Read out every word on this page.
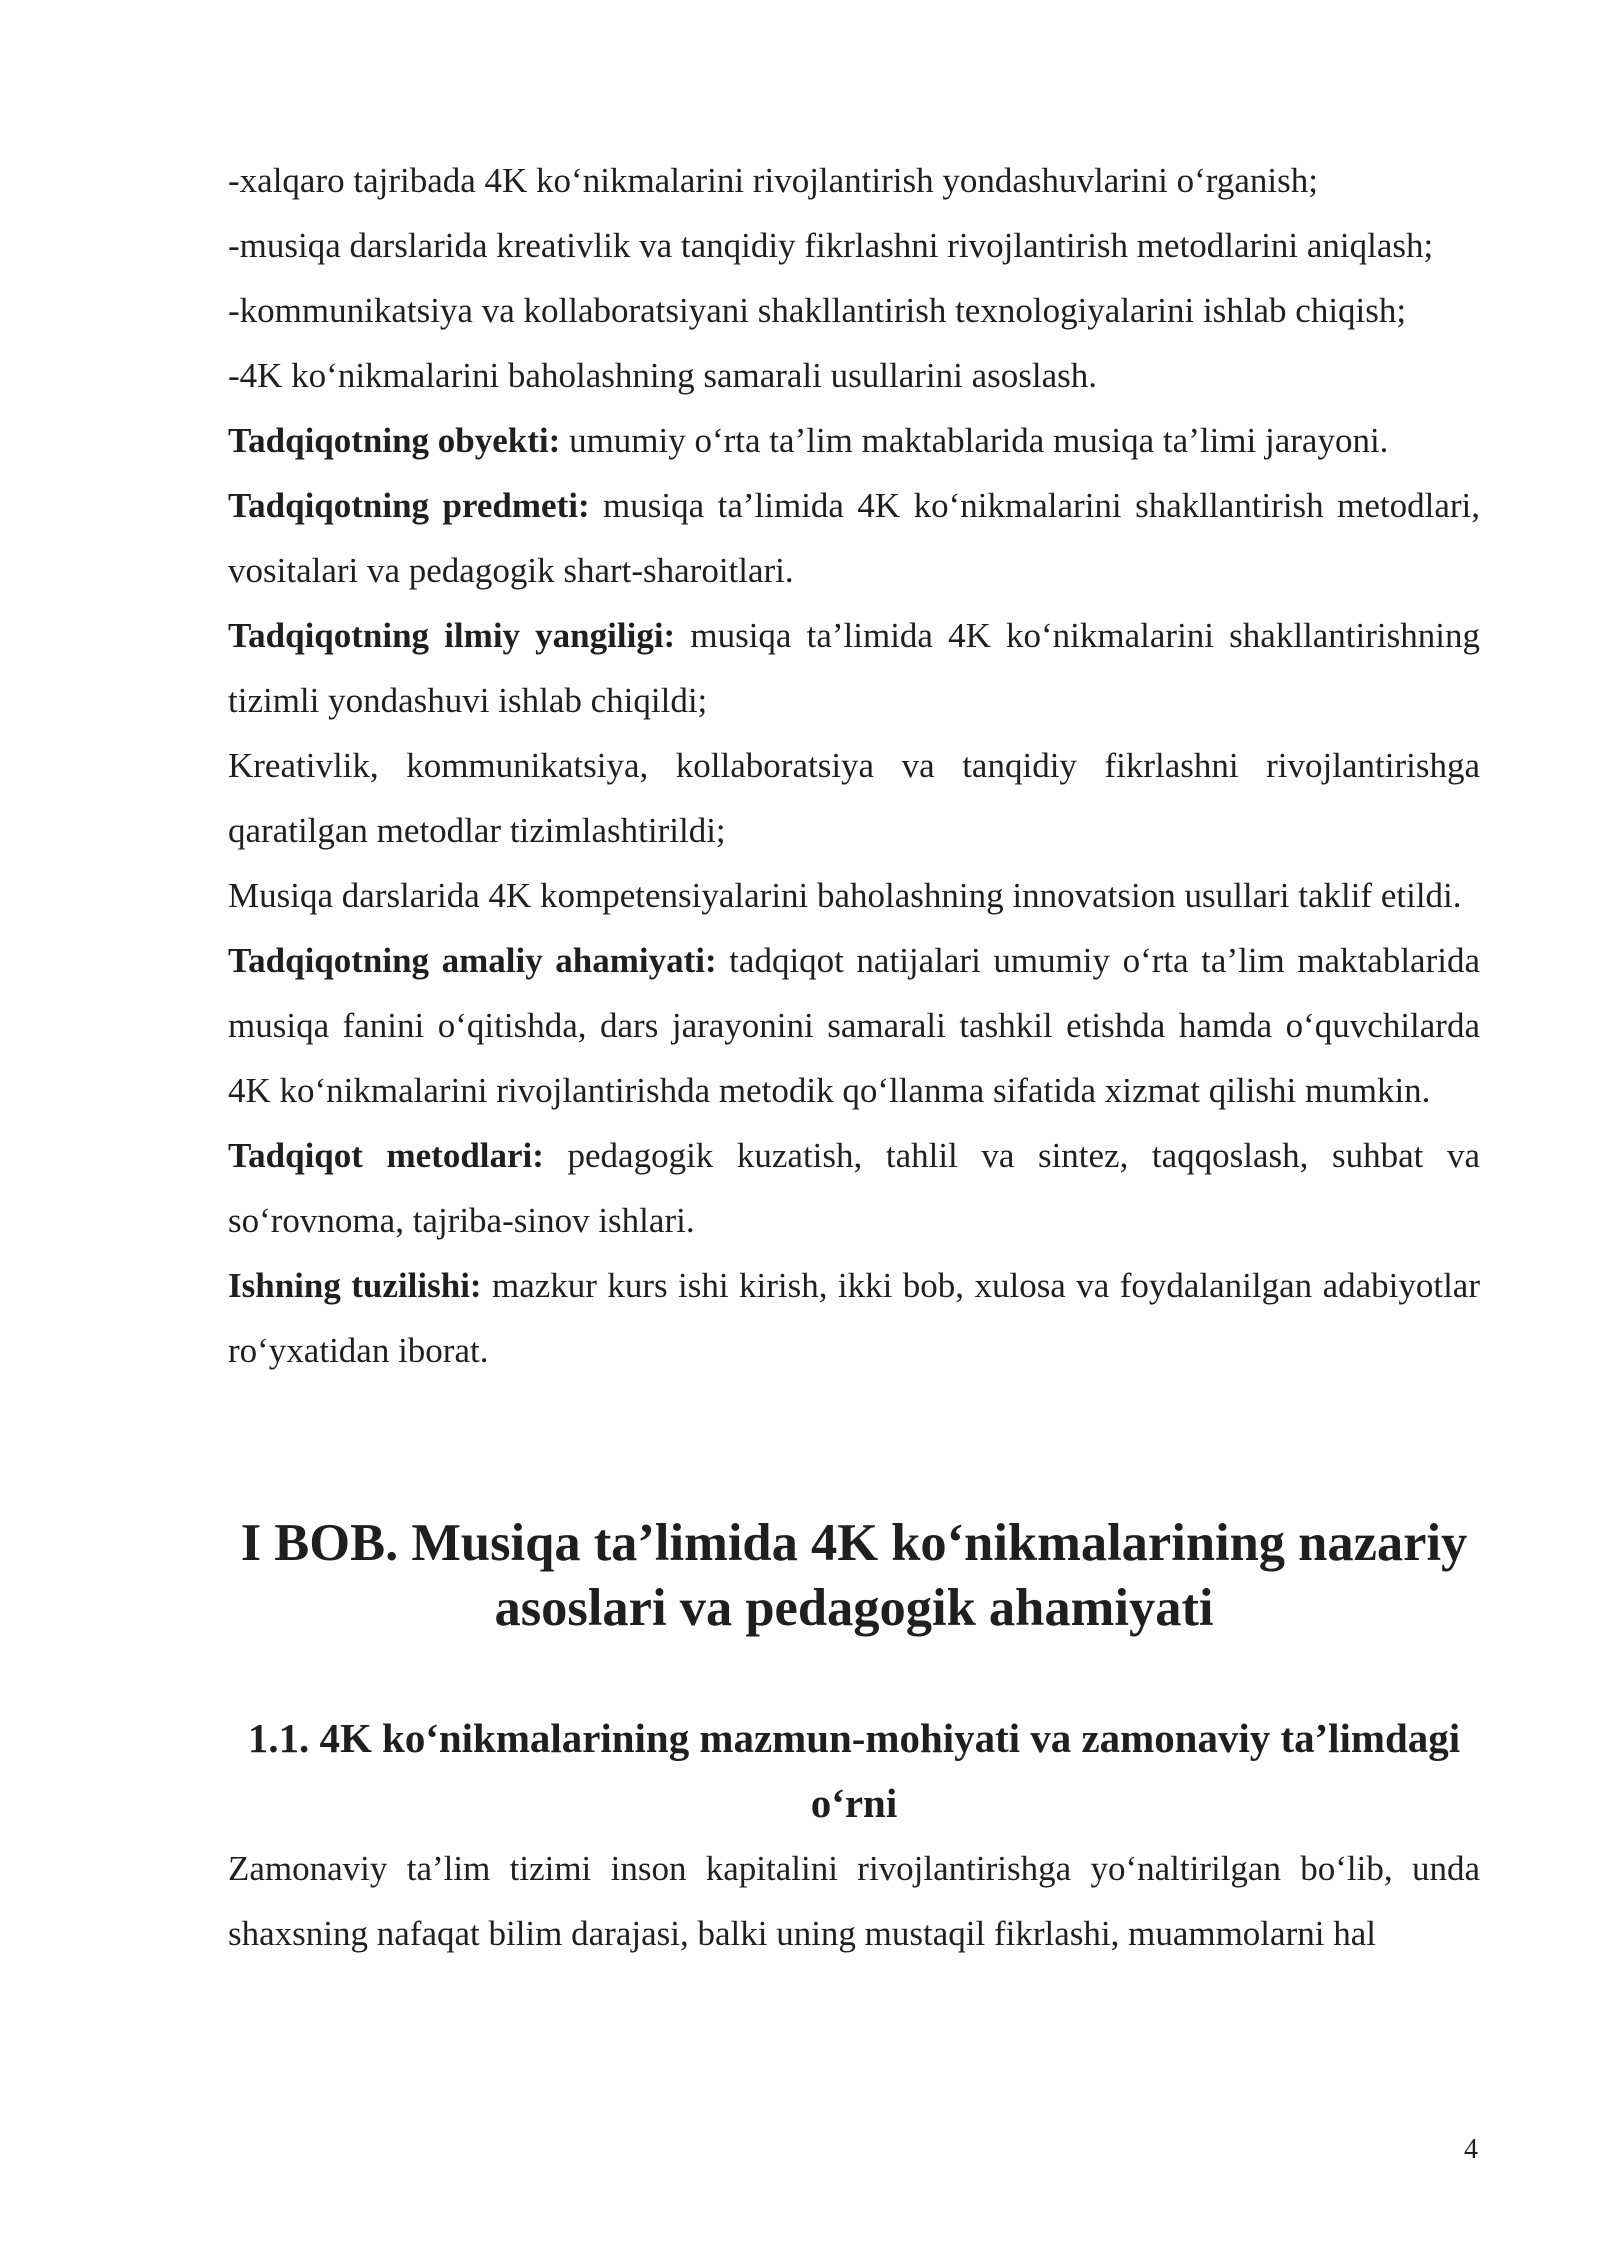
-xalqaro tajribada 4K ko‘nikmalarini rivojlantirish yondashuvlarini o‘rganish;

-musiqa darslarida kreativlik va tanqidiy fikrlashni rivojlantirish metodlarini aniqlash;

-kommunikatsiya va kollaboratsiyani shakllantirish texnologiyalarini ishlab chiqish;

-4K ko‘nikmalarini baholashning samarali usullarini asoslash.

Tadqiqotning obyekti: umumiy o‘rta ta’lim maktablarida musiqa ta’limi jarayoni.

Tadqiqotning predmeti: musiqa ta’limida 4K ko‘nikmalarini shakllantirish metodlari, vositalari va pedagogik shart-sharoitlari.

Tadqiqotning ilmiy yangiligi: musiqa ta’limida 4K ko‘nikmalarini shakllantirishning tizimli yondashuvi ishlab chiqildi;

Kreativlik, kommunikatsiya, kollaboratsiya va tanqidiy fikrlashni rivojlantirishga qaratilgan metodlar tizimlashtirildi;

Musiqa darslarida 4K kompetensiyalarini baholashning innovatsion usullari taklif etildi.

Tadqiqotning amaliy ahamiyati: tadqiqot natijalari umumiy o‘rta ta’lim maktablarida musiqa fanini o‘qitishda, dars jarayonini samarali tashkil etishda hamda o‘quvchilarda 4K ko‘nikmalarini rivojlantirishda metodik qo‘llanma sifatida xizmat qilishi mumkin.

Tadqiqot metodlari: pedagogik kuzatish, tahlil va sintez, taqqoslash, suhbat va so‘rovnoma, tajriba-sinov ishlari.

Ishning tuzilishi: mazkur kurs ishi kirish, ikki bob, xulosa va foydalanilgan adabiyotlar ro‘yxatidan iborat.

I BOB. Musiqa ta’limida 4K ko‘nikmalarining nazariy asoslari va pedagogik ahamiyati
1.1. 4K ko‘nikmalarining mazmun-mohiyati va zamonaviy ta’limdagi o‘rni

Zamonaviy ta’lim tizimi inson kapitalini rivojlantirishga yo‘naltirilgan bo‘lib, unda shaxsning nafaqat bilim darajasi, balki uning mustaqil fikrlashi, muammolarni hal

4
